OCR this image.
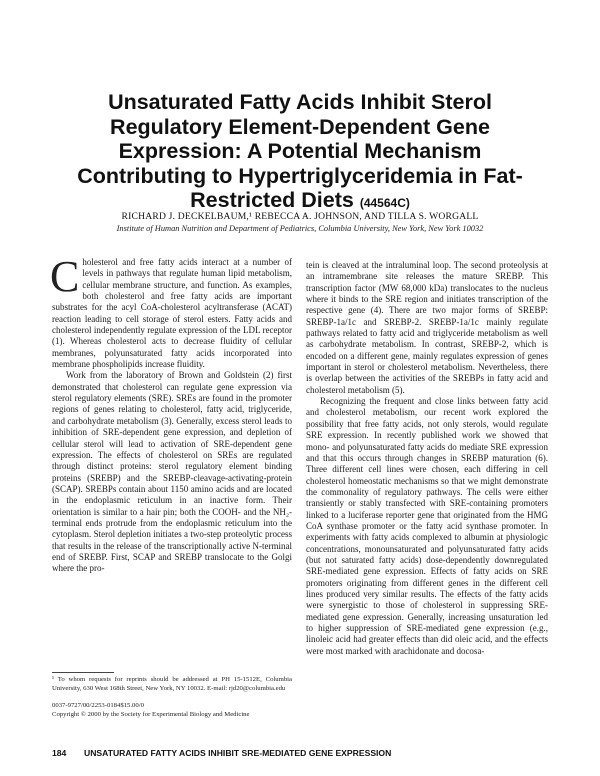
Unsaturated Fatty Acids Inhibit Sterol Regulatory Element-Dependent Gene Expression: A Potential Mechanism Contributing to Hypertriglyceridemia in Fat-Restricted Diets (44564C)
RICHARD J. DECKELBAUM,¹ REBECCA A. JOHNSON, AND TILLA S. WORGALL
Institute of Human Nutrition and Department of Pediatrics, Columbia University, New York, New York 10032

Cholesterol and free fatty acids interact at a number of levels in pathways that regulate human lipid metabolism, cellular membrane structure, and function. As examples, both cholesterol and free fatty acids are important substrates for the acyl CoA-cholesterol acyltransferase (ACAT) reaction leading to cell storage of sterol esters. Fatty acids and cholesterol independently regulate expression of the LDL receptor (1). Whereas cholesterol acts to decrease fluidity of cellular membranes, polyunsaturated fatty acids incorporated into membrane phospholipids increase fluidity.

Work from the laboratory of Brown and Goldstein (2) first demonstrated that cholesterol can regulate gene expression via sterol regulatory elements (SRE). SREs are found in the promoter regions of genes relating to cholesterol, fatty acid, triglyceride, and carbohydrate metabolism (3). Generally, excess sterol leads to inhibition of SRE-dependent gene expression, and depletion of cellular sterol will lead to activation of SRE-dependent gene expression. The effects of cholesterol on SREs are regulated through distinct proteins: sterol regulatory element binding proteins (SREBP) and the SREBP-cleavage-activating-protein (SCAP). SREBPs contain about 1150 amino acids and are located in the endoplasmic reticulum in an inactive form. Their orientation is similar to a hair pin; both the COOH- and the NH₂-terminal ends protrude from the endoplasmic reticulum into the cytoplasm. Sterol depletion initiates a two-step proteolytic process that results in the release of the transcriptionally active N-terminal end of SREBP. First, SCAP and SREBP translocate to the Golgi where the pro-

tein is cleaved at the intraluminal loop. The second proteolysis at an intramembrane site releases the mature SREBP. This transcription factor (MW 68,000 kDa) translocates to the nucleus where it binds to the SRE region and initiates transcription of the respective gene (4). There are two major forms of SREBP: SREBP-1a/1c and SREBP-2. SREBP-1a/1c mainly regulate pathways related to fatty acid and triglyceride metabolism as well as carbohydrate metabolism. In contrast, SREBP-2, which is encoded on a different gene, mainly regulates expression of genes important in sterol or cholesterol metabolism. Nevertheless, there is overlap between the activities of the SREBPs in fatty acid and cholesterol metabolism (5).

Recognizing the frequent and close links between fatty acid and cholesterol metabolism, our recent work explored the possibility that free fatty acids, not only sterols, would regulate SRE expression. In recently published work we showed that mono- and polyunsaturated fatty acids do mediate SRE expression and that this occurs through changes in SREBP maturation (6). Three different cell lines were chosen, each differing in cell cholesterol homeostatic mechanisms so that we might demonstrate the commonality of regulatory pathways. The cells were either transiently or stably transfected with SRE-containing promoters linked to a luciferase reporter gene that originated from the HMG CoA synthase promoter or the fatty acid synthase promoter. In experiments with fatty acids complexed to albumin at physiologic concentrations, monounsaturated and polyunsaturated fatty acids (but not saturated fatty acids) dose-dependently downregulated SRE-mediated gene expression. Effects of fatty acids on SRE promoters originating from different genes in the different cell lines produced very similar results. The effects of the fatty acids were synergistic to those of cholesterol in suppressing SRE-mediated gene expression. Generally, increasing unsaturation led to higher suppression of SRE-mediated gene expression (e.g., linoleic acid had greater effects than did oleic acid, and the effects were most marked with arachidonate and docosa-

¹ To whom requests for reprints should be addressed at PH 15-1512E, Columbia University, 630 West 168th Street, New York, NY 10032. E-mail: rjd20@columbia.edu
0037-9727/00/2253-0184$15.00/0
Copyright © 2000 by the Society for Experimental Biology and Medicine
184 UNSATURATED FATTY ACIDS INHIBIT SRE-MEDIATED GENE EXPRESSION
